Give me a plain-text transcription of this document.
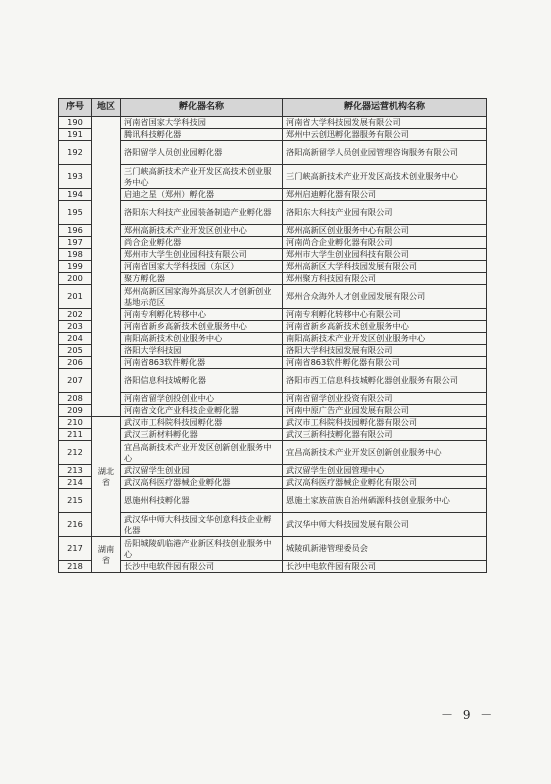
序号	地区	孵化器名称	孵化器运营机构名称
190		河南省国家大学科技园	河南省大学科技园发展有限公司
191		腾讯科技孵化器	郑州中云创迅孵化器服务有限公司
192		洛阳留学人员创业园孵化器	洛阳高新留学人员创业园管理咨询服务有限公司
193		三门峡高新技术产业开发区高技术创业服务中心	三门峡高新技术产业开发区高技术创业服务中心
194		启迪之星（郑州）孵化器	郑州启迪孵化器有限公司
195		洛阳东大科技产业园装备制造产业孵化器	洛阳东大科技产业园有限公司
196		郑州高新技术产业开发区创业中心	郑州高新区创业服务中心有限公司
197		尚合企业孵化器	河南尚合企业孵化器有限公司
198		郑州市大学生创业园科技有限公司	郑州市大学生创业园科技有限公司
199		河南省国家大学科技园（东区）	郑州高新区大学科技园发展有限公司
200		聚方孵化器	郑州聚方科技园有限公司
201		郑州高新区国家海外高层次人才创新创业基地示范区	郑州合众海外人才创业园发展有限公司
202		河南专利孵化转移中心	河南专利孵化转移中心有限公司
203		河南省新乡高新技术创业服务中心	河南省新乡高新技术创业服务中心
204		南阳高新技术创业服务中心	南阳高新技术产业开发区创业服务中心
205		洛阳大学科技园	洛阳大学科技园发展有限公司
206		河南省863软件孵化器	河南省863软件孵化器有限公司
207		洛阳信息科技城孵化器	洛阳市西工信息科技城孵化器创业服务有限公司
208		河南省留学创投创业中心	河南省留学创业投资有限公司
209		河南省文化产业科技企业孵化器	河南中原广告产业园发展有限公司
210	湖北省	武汉市工科院科技园孵化器	武汉市工科院科技园孵化器有限公司
211		武汉三新材料孵化器	武汉三新科技孵化器有限公司
212		宜昌高新技术产业开发区创新创业服务中心	宜昌高新技术产业开发区创新创业服务中心
213		武汉留学生创业园	武汉留学生创业园管理中心
214		武汉高科医疗器械企业孵化器	武汉高科医疗器械企业孵化有限公司
215		恩施州科技孵化器	恩施土家族苗族自治州硒源科技创业服务中心
216		武汉华中师大科技园文华创意科技企业孵化器	武汉华中师大科技园发展有限公司
217	湖南省	岳阳城陵矶临港产业新区科技创业服务中心	城陵矶新港管理委员会
218		长沙中电软件园有限公司	长沙中电软件园有限公司
－ 9 －
